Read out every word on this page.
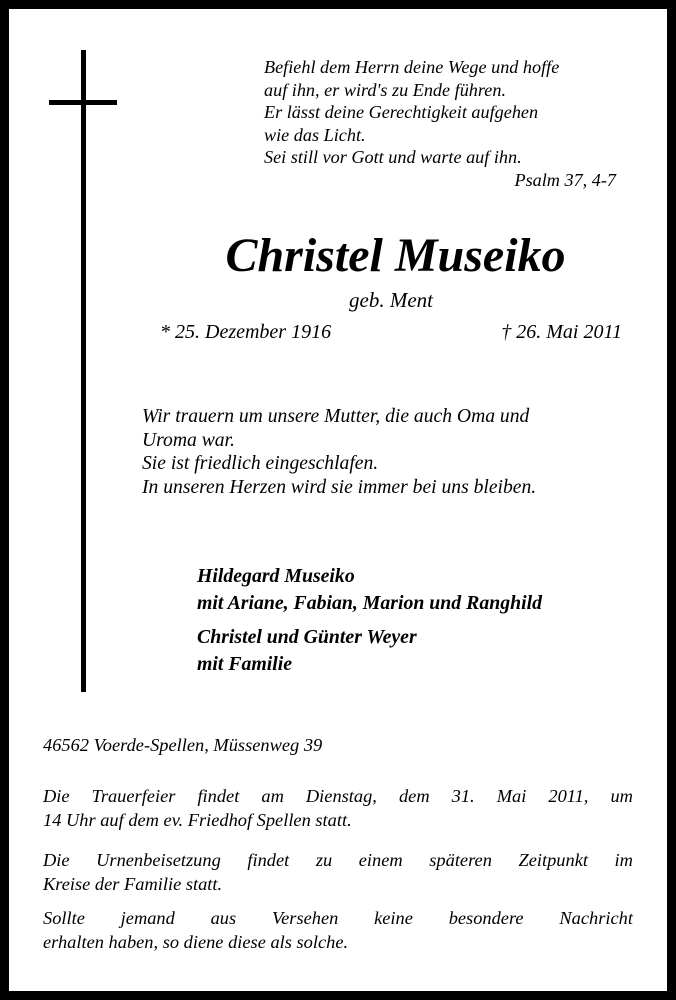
Befiehl dem Herrn deine Wege und hoffe
auf ihn, er wird's zu Ende führen.
Er lässt deine Gerechtigkeit aufgehen
wie das Licht.
Sei still vor Gott und warte auf ihn.
Psalm 37, 4-7
Christel Museiko
geb. Ment
* 25. Dezember 1916	† 26. Mai 2011
Wir trauern um unsere Mutter, die auch Oma und
Uroma war.
Sie ist friedlich eingeschlafen.
In unseren Herzen wird sie immer bei uns bleiben.
Hildegard Museiko
mit Ariane, Fabian, Marion und Ranghild
Christel und Günter Weyer
mit Familie
46562 Voerde-Spellen, Müssenweg 39
Die Trauerfeier findet am Dienstag, dem 31. Mai 2011, um
14 Uhr auf dem ev. Friedhof Spellen statt.
Die Urnenbeisetzung findet zu einem späteren Zeitpunkt im
Kreise der Familie statt.
Sollte jemand aus Versehen keine besondere Nachricht
erhalten haben, so diene diese als solche.
